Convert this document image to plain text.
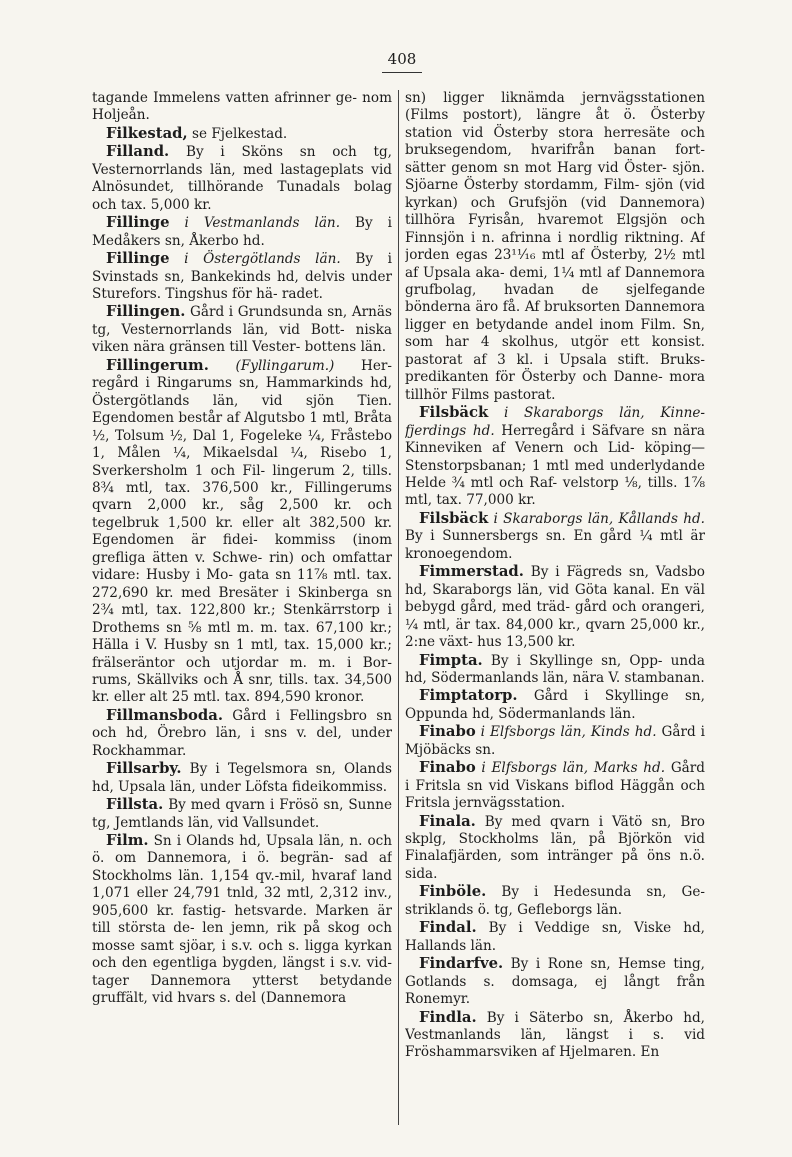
408

tagande Immelens vatten afrinner ge- nom Holjeån.

Filkestad, se Fjelkestad.

Filland. By i Sköns sn och tg, Vesternorrlands län, med lastageplats vid Alnösundet, tillhörande Tunadals bolag och tax. 5,000 kr.

Fillinge i Vestmanlands län. By i Medåkers sn, Åkerbo hd.

Fillinge i Östergötlands län. By i Svinstads sn, Bankekinds hd, delvis under Sturefors. Tingshus för hä- radet.

Fillingen. Gård i Grundsunda sn, Arnäs tg, Vesternorrlands län, vid Bott- niska viken nära gränsen till Vester- bottens län.

Fillingerum. (Fyllingarum.) Her- regård i Ringarums sn, Hammarkinds hd, Östergötlands län, vid sjön Tien. Egendomen består af Algutsbo 1 mtl, Bråta ½, Tolsum ½, Dal 1, Fogeleke ¼, Fråstebo 1, Målen ¼, Mikaelsdal ¼, Risebo 1, Sverkersholm 1 och Fil- lingerum 2, tills. 8¾ mtl, tax. 376,500 kr., Fillingerums qvarn 2,000 kr., såg 2,500 kr. och tegelbruk 1,500 kr. eller alt 382,500 kr. Egendomen är fidei- kommiss (inom grefliga ätten v. Schwe- rin) och omfattar vidare: Husby i Mo- gata sn 11⅞ mtl. tax. 272,690 kr. med Bresäter i Skinberga sn 2¾ mtl, tax. 122,800 kr.; Stenkärrstorp i Drothems sn ⅝ mtl m. m. tax. 67,100 kr.; Hälla i V. Husby sn 1 mtl, tax. 15,000 kr.; frälseräntor och utjordar m. m. i Bor- rums, Skällviks och Å snr, tills. tax. 34,500 kr. eller alt 25 mtl. tax. 894,590 kronor.

Fillmansboda. Gård i Fellingsbro sn och hd, Örebro län, i sns v. del, under Rockhammar.

Fillsarby. By i Tegelsmora sn, Olands hd, Upsala län, under Löfsta fideikommiss.

Fillsta. By med qvarn i Frösö sn, Sunne tg, Jemtlands län, vid Vallsundet.

Film. Sn i Olands hd, Upsala län, n. och ö. om Dannemora, i ö. begrän- sad af Stockholms län. 1,154 qv.-mil, hvaraf land 1,071 eller 24,791 tnld, 32 mtl, 2,312 inv., 905,600 kr. fastig- hetsvarde. Marken är till största de- len jemn, rik på skog och mosse samt sjöar, i s.v. och s. ligga kyrkan och den egentliga bygden, längst i s.v. vid- tager Dannemora ytterst betydande gruffält, vid hvars s. del (Dannemora

sn) ligger liknämda jernvägsstationen (Films postort), längre åt ö. Österby station vid Österby stora herresäte och bruksegendom, hvarifrån banan fort- sätter genom sn mot Harg vid Öster- sjön. Sjöarne Österby stordamm, Film- sjön (vid kyrkan) och Grufsjön (vid Dannemora) tillhöra Fyrisån, hvaremot Elgsjön och Finnsjön i n. afrinna i nordlig riktning. Af jorden egas 23¹¹⁄₁₆ mtl af Österby, 2½ mtl af Upsala aka- demi, 1¼ mtl af Dannemora grufbolag, hvadan de sjelfegande bönderna äro få. Af bruksorten Dannemora ligger en betydande andel inom Film. Sn, som har 4 skolhus, utgör ett konsist. pastorat af 3 kl. i Upsala stift. Bruks- predikanten för Österby och Danne- mora tillhör Films pastorat.

Filsbäck i Skaraborgs län, Kinne- fjerdings hd. Herregård i Säfvare sn nära Kinneviken af Venern och Lid- köping—Stenstorpsbanan; 1 mtl med underlydande Helde ¾ mtl och Raf- velstorp ⅛, tills. 1⅞ mtl, tax. 77,000 kr.

Filsbäck i Skaraborgs län, Kållands hd. By i Sunnersbergs sn. En gård ¼ mtl är kronoegendom.

Fimmerstad. By i Fägreds sn, Vadsbo hd, Skaraborgs län, vid Göta kanal. En väl bebygd gård, med träd- gård och orangeri, ¼ mtl, är tax. 84,000 kr., qvarn 25,000 kr., 2:ne växt- hus 13,500 kr.

Fimpta. By i Skyllinge sn, Opp- unda hd, Södermanlands län, nära V. stambanan.

Fimptatorp. Gård i Skyllinge sn, Oppunda hd, Södermanlands län.

Finabo i Elfsborgs län, Kinds hd. Gård i Mjöbäcks sn.

Finabo i Elfsborgs län, Marks hd. Gård i Fritsla sn vid Viskans biflod Häggån och Fritsla jernvägsstation.

Finala. By med qvarn i Vätö sn, Bro skplg, Stockholms län, på Björkön vid Finalafjärden, som intränger på öns n.ö. sida.

Finböle. By i Hedesunda sn, Ge- striklands ö. tg, Gefleborgs län.

Findal. By i Veddige sn, Viske hd, Hallands län.

Findarfve. By i Rone sn, Hemse ting, Gotlands s. domsaga, ej långt från Ronemyr.

Findla. By i Säterbo sn, Åkerbo hd, Vestmanlands län, längst i s. vid Fröshammarsviken af Hjelmaren. En
